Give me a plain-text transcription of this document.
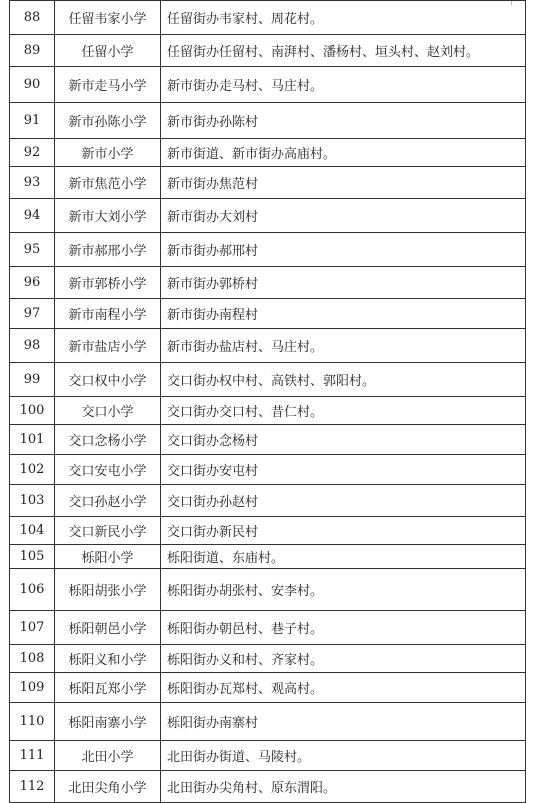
88	任留韦家小学	任留街办韦家村、周花村。
89	任留小学	任留街办任留村、南湃村、潘杨村、垣头村、赵刘村。
90	新市走马小学	新市街办走马村、马庄村。
91	新市孙陈小学	新市街办孙陈村
92	新市小学	新市街道、新市街办高庙村。
93	新市焦范小学	新市街办焦范村
94	新市大刘小学	新市街办大刘村
95	新市郝邢小学	新市街办郝邢村
96	新市郭桥小学	新市街办郭桥村
97	新市南程小学	新市街办南程村
98	新市盐店小学	新市街办盐店村、马庄村。
99	交口权中小学	交口街办权中村、高铁村、郭阳村。
100	交口小学	交口街办交口村、昔仁村。
101	交口念杨小学	交口街办念杨村
102	交口安屯小学	交口街办安屯村
103	交口孙赵小学	交口街办孙赵村
104	交口新民小学	交口街办新民村
105	栎阳小学	栎阳街道、东庙村。
106	栎阳胡张小学	栎阳街办胡张村、安李村。
107	栎阳朝邑小学	栎阳街办朝邑村、巷子村。
108	栎阳义和小学	栎阳街办义和村、齐家村。
109	栎阳瓦郑小学	栎阳街办瓦郑村、观高村。
110	栎阳南寨小学	栎阳街办南寨村
111	北田小学	北田街办街道、马陵村。
112	北田尖角小学	北田街办尖角村、原东渭阳。
